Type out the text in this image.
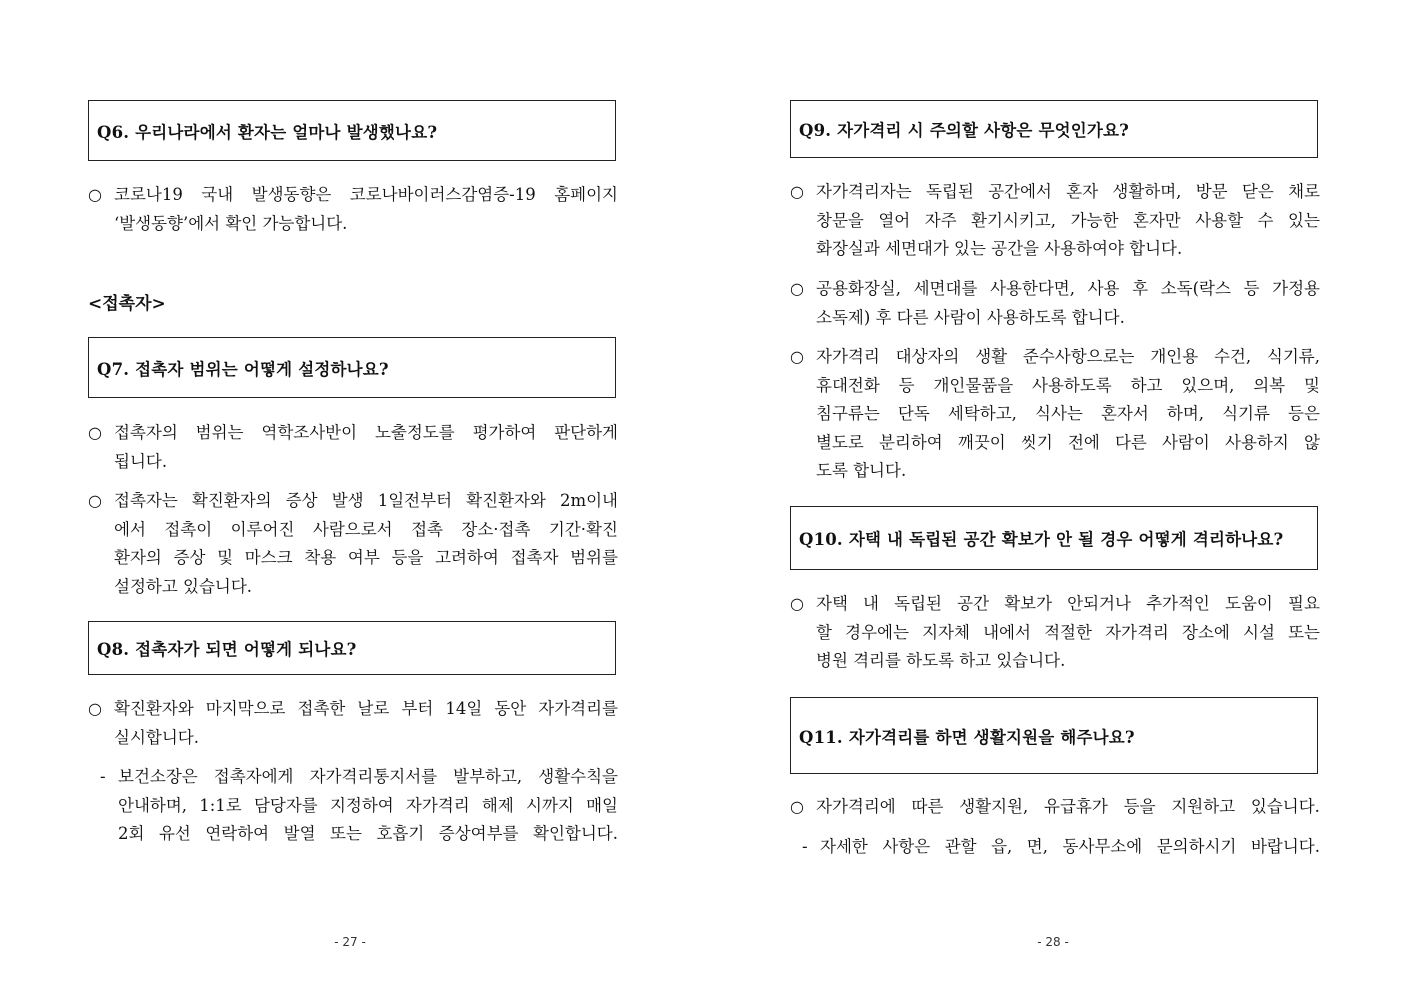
Q6. 우리나라에서 환자는 얼마나 발생했나요?
○ 코로나19 국내 발생동향은 코로나바이러스감염증-19 홈페이지
‘발생동향’에서 확인 가능합니다.
<접촉자>
Q7. 접촉자 범위는 어떻게 설정하나요?
○ 접촉자의 범위는 역학조사반이 노출정도를 평가하여 판단하게
됩니다.
○ 접촉자는 확진환자의 증상 발생 1일전부터 확진환자와 2m이내
에서 접촉이 이루어진 사람으로서 접촉 장소·접촉 기간·확진
환자의 증상 및 마스크 착용 여부 등을 고려하여 접촉자 범위를
설정하고 있습니다.
Q8. 접촉자가 되면 어떻게 되나요?
○ 확진환자와 마지막으로 접촉한 날로 부터 14일 동안 자가격리를
실시합니다.
- 보건소장은 접촉자에게 자가격리통지서를 발부하고, 생활수칙을
안내하며, 1:1로 담당자를 지정하여 자가격리 해제 시까지 매일
2회 유선 연락하여 발열 또는 호흡기 증상여부를 확인합니다.
- 27 -
Q9. 자가격리 시 주의할 사항은 무엇인가요?
○ 자가격리자는 독립된 공간에서 혼자 생활하며, 방문 닫은 채로
창문을 열어 자주 환기시키고, 가능한 혼자만 사용할 수 있는
화장실과 세면대가 있는 공간을 사용하여야 합니다.
○ 공용화장실, 세면대를 사용한다면, 사용 후 소독(락스 등 가정용
소독제) 후 다른 사람이 사용하도록 합니다.
○ 자가격리 대상자의 생활 준수사항으로는 개인용 수건, 식기류,
휴대전화 등 개인물품을 사용하도록 하고 있으며, 의복 및
침구류는 단독 세탁하고, 식사는 혼자서 하며, 식기류 등은
별도로 분리하여 깨끗이 씻기 전에 다른 사람이 사용하지 않
도록 합니다.
Q10. 자택 내 독립된 공간 확보가 안 될 경우 어떻게 격리하나요?
○ 자택 내 독립된 공간 확보가 안되거나 추가적인 도움이 필요
할 경우에는 지자체 내에서 적절한 자가격리 장소에 시설 또는
병원 격리를 하도록 하고 있습니다.
Q11. 자가격리를 하면 생활지원을 해주나요?
○ 자가격리에 따른 생활지원, 유급휴가 등을 지원하고 있습니다.
- 자세한 사항은 관할 읍, 면, 동사무소에 문의하시기 바랍니다.
- 28 -
